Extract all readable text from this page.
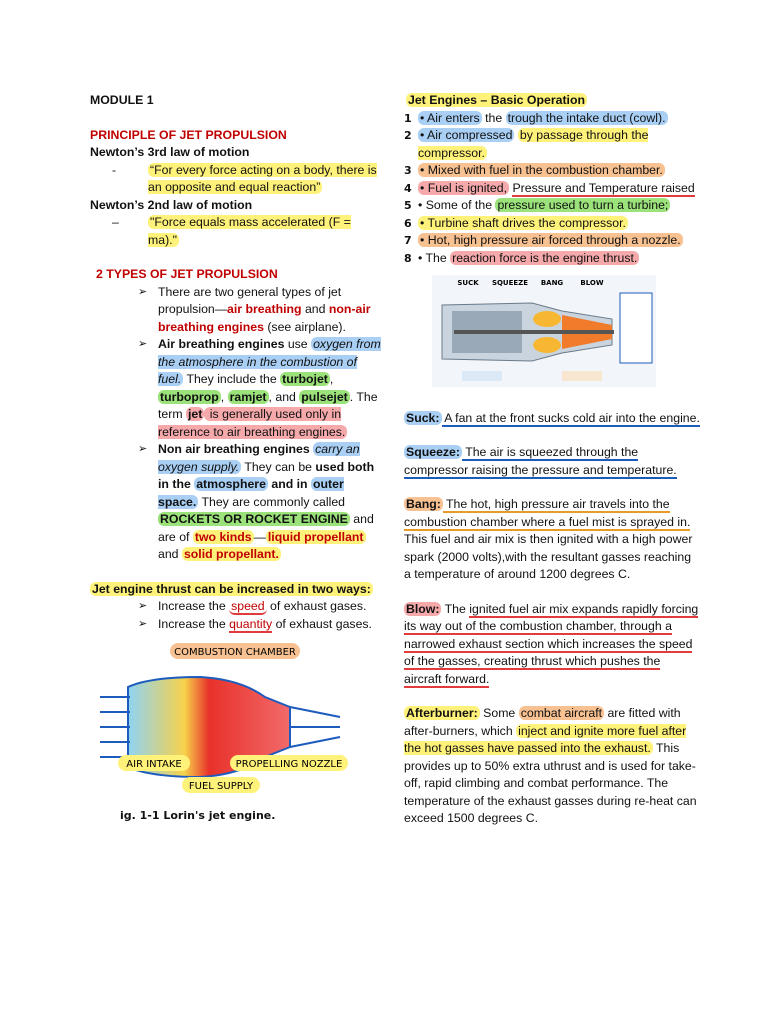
MODULE 1

PRINCIPLE OF JET PROPULSION

Newton’s 3rd law of motion

-	“For every force acting on a body, there is an opposite and equal reaction”

Newton’s 2nd law of motion

–	"Force equals mass accelerated (F = ma)."

2 TYPES OF JET PROPULSION

➢ There are two general types of jet propulsion—air breathing and non-air breathing engines (see airplane).
➢ Air breathing engines use oxygen from the atmosphere in the combustion of fuel. They include the turbojet , turboprop , ramjet , and pulsejet . The term jet is generally used only in reference to air breathing engines.
➢ Non air breathing engines carry an oxygen supply. They can be used both in the atmosphere and in outer space. They are commonly called ROCKETS OR ROCKET ENGINE and are of two kinds — liquid propellant and solid propellant.

Jet engine thrust can be increased in two ways:

➢ Increase the speed of exhaust gases.
➢ Increase the quantity of exhaust gases.
COMBUSTION CHAMBER
AIR INTAKE	PROPELLING NOZZLE
FUEL SUPPLY

ig. 1-1 Lorin's jet engine.

Jet Engines – Basic Operation

1 • Air enters the trough the intake duct (cowl).
2 • Air compressed by passage through the compressor.
3 • Mixed with fuel in the combustion chamber.
4 • Fuel is ignited, Pressure and Temperature raised
5 • Some of the pressure used to turn a turbine;
6 • Turbine shaft drives the compressor.
7 • Hot, high pressure air forced through a nozzle.
8 • The reaction force is the engine thrust.
SUCK SQUEEZE BANG BLOW

Suck: A fan at the front sucks cold air into the engine.

Squeeze: The air is squeezed through the compressor raising the pressure and temperature.

Bang: The hot, high pressure air travels into the combustion chamber where a fuel mist is sprayed in.

This fuel and air mix is then ignited with a high power spark (2000 volts),with the resultant gasses reaching a temperature of around 1200 degrees C.

Blow: The ignited fuel air mix expands rapidly forcing its way out of the combustion chamber, through a narrowed exhaust section which increases the speed of the gasses, creating thrust which pushes the aircraft forward.

Afterburner: Some combat aircraft are fitted with after-burners, which inject and ignite more fuel after the hot gasses have passed into the exhaust. This provides up to 50% extra uthrust and is used for take-off, rapid climbing and combat performance. The temperature of the exhaust gasses during re-heat can exceed 1500 degrees C.
